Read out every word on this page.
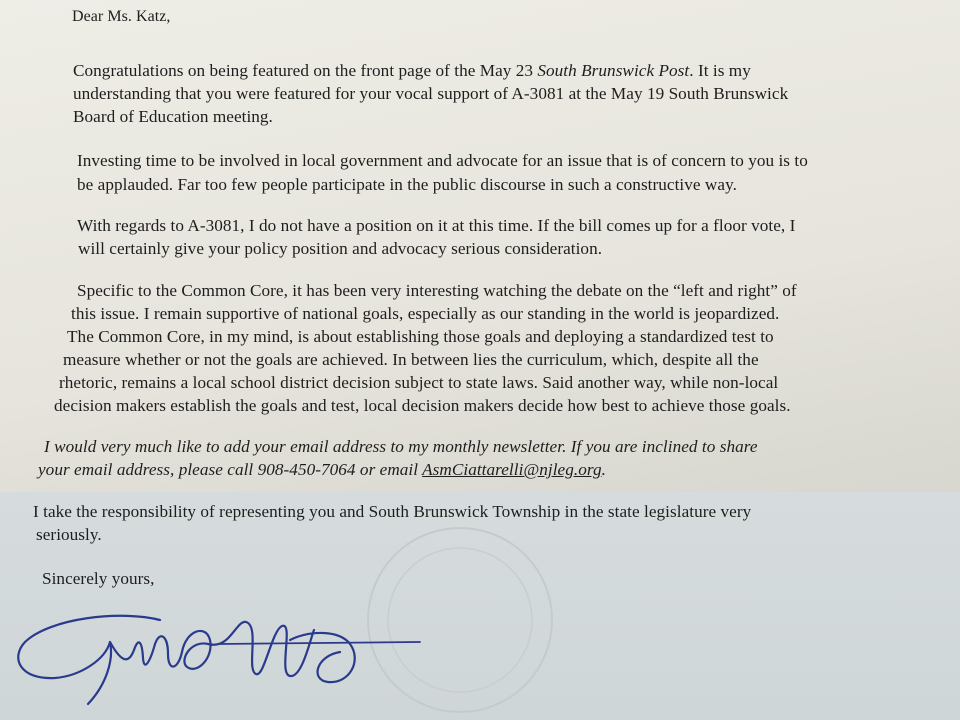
Dear Ms. Katz,
Congratulations on being featured on the front page of the May 23 South Brunswick Post. It is my
understanding that you were featured for your vocal support of A-3081 at the May 19 South Brunswick
Board of Education meeting.
Investing time to be involved in local government and advocate for an issue that is of concern to you is to
be applauded. Far too few people participate in the public discourse in such a constructive way.
With regards to A-3081, I do not have a position on it at this time. If the bill comes up for a floor vote, I
will certainly give your policy position and advocacy serious consideration.
Specific to the Common Core, it has been very interesting watching the debate on the “left and right” of
this issue. I remain supportive of national goals, especially as our standing in the world is jeopardized.
The Common Core, in my mind, is about establishing those goals and deploying a standardized test to
measure whether or not the goals are achieved. In between lies the curriculum, which, despite all the
rhetoric, remains a local school district decision subject to state laws. Said another way, while non-local
decision makers establish the goals and test, local decision makers decide how best to achieve those goals.
I would very much like to add your email address to my monthly newsletter. If you are inclined to share
your email address, please call 908-450-7064 or email AsmCiattarelli@njleg.org.
I take the responsibility of representing you and South Brunswick Township in the state legislature very
seriously.
Sincerely yours,
